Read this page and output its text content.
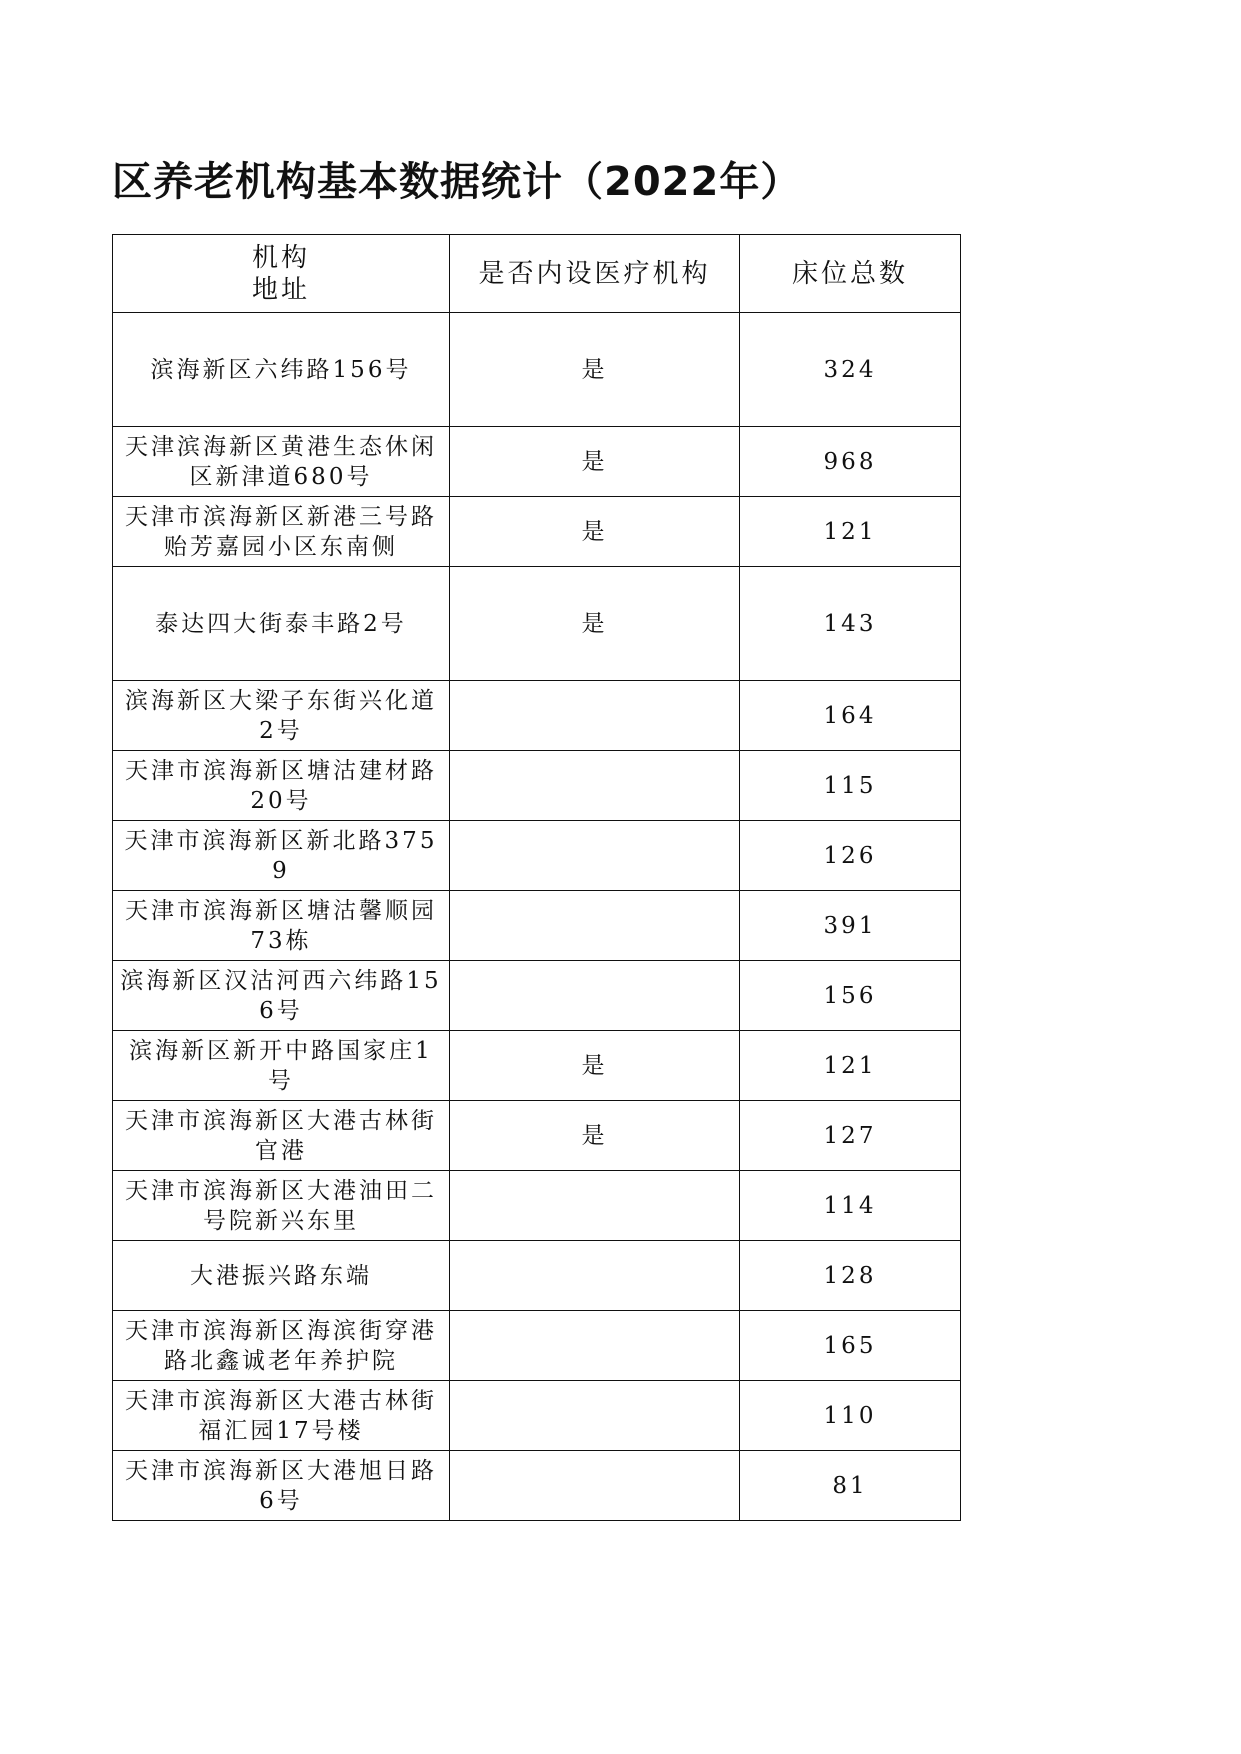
区养老机构基本数据统计（2022年）
机构
地址	是否内设医疗机构	床位总数
滨海新区六纬路156号	是	324
天津滨海新区黄港生态休闲区新津道680号	是	968
天津市滨海新区新港三号路贻芳嘉园小区东南侧	是	121
泰达四大街泰丰路2号	是	143
滨海新区大梁子东街兴化道2号		164
天津市滨海新区塘沽建材路20号		115
天津市滨海新区新北路3759		126
天津市滨海新区塘沽馨顺园73栋		391
滨海新区汉沽河西六纬路156号		156
滨海新区新开中路国家庄1号	是	121
天津市滨海新区大港古林街官港	是	127
天津市滨海新区大港油田二号院新兴东里		114
大港振兴路东端		128
天津市滨海新区海滨街穿港路北鑫诚老年养护院		165
天津市滨海新区大港古林街福汇园17号楼		110
天津市滨海新区大港旭日路6号		81
